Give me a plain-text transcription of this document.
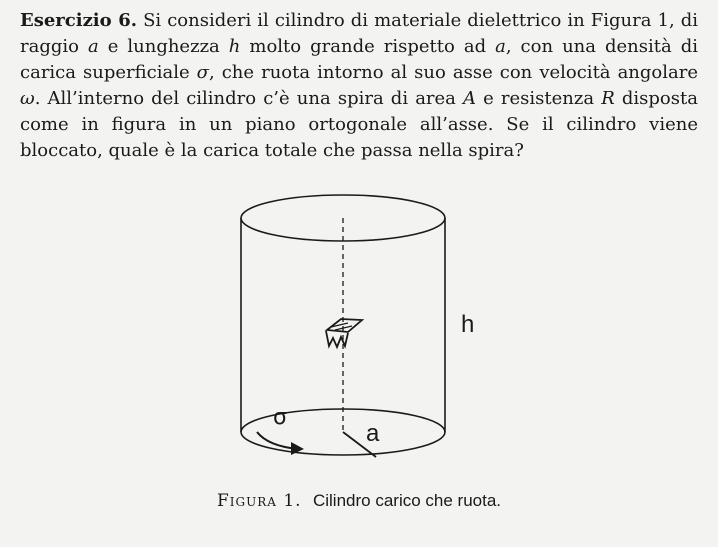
Esercizio 6. Si consideri il cilindro di materiale dielettrico in Figura 1, di raggio a e lunghezza h molto grande rispetto ad a, con una densità di carica superficiale σ, che ruota intorno al suo asse con velocità angolare ω. All’interno del cilindro c’è una spira di area A e resistenza R disposta come in figura in un piano ortogonale all’asse. Se il cilindro viene bloccato, quale è la carica totale che passa nella spira?

h
a
σ
Figura 1. Cilindro carico che ruota.
